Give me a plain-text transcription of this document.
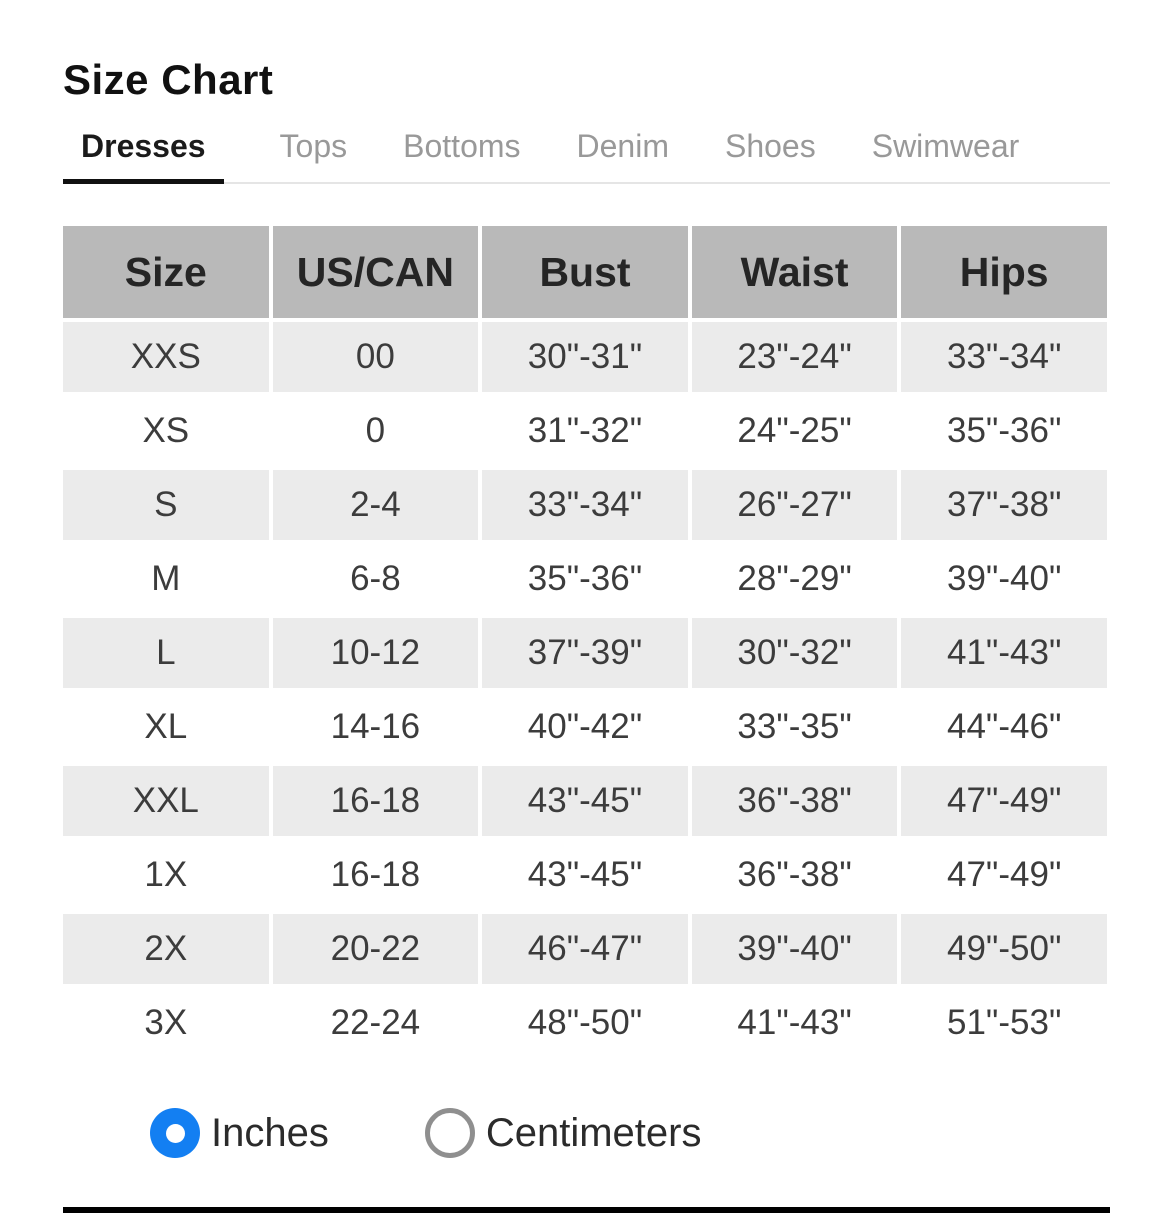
Size Chart
Dresses	Tops Bottoms Denim Shoes Swimwear
Size	US/CAN	Bust	Waist	Hips
XXS	00	30"-31"	23"-24"	33"-34"
XS	0	31"-32"	24"-25"	35"-36"
S	2-4	33"-34"	26"-27"	37"-38"
M	6-8	35"-36"	28"-29"	39"-40"
L	10-12	37"-39"	30"-32"	41"-43"
XL	14-16	40"-42"	33"-35"	44"-46"
XXL	16-18	43"-45"	36"-38"	47"-49"
1X	16-18	43"-45"	36"-38"	47"-49"
2X	20-22	46"-47"	39"-40"	49"-50"
3X	22-24	48"-50"	41"-43"	51"-53"
Inches	Centimeters
